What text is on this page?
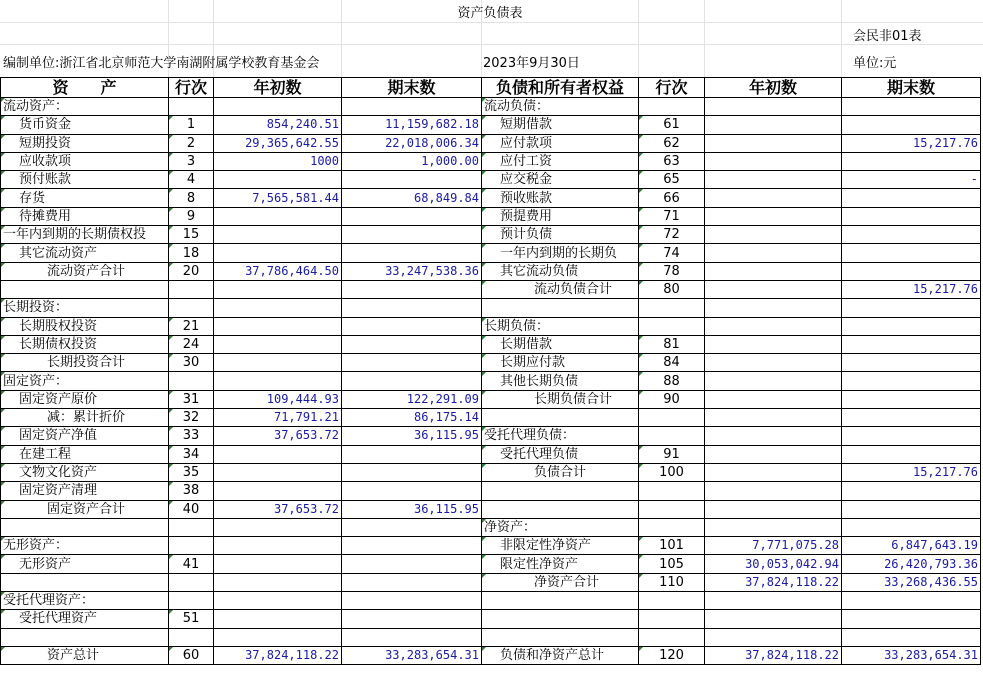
资产负债表
会民非01表
编制单位:浙江省北京师范大学南湖附属学校教育基金会	2023年9月30日	单位:元
资　　产	行次	年初数	期末数	负债和所有者权益	行次	年初数	期末数
流动资产：				流动负债：			
货币资金	1	854,240.51	11,159,682.18	短期借款	61		
短期投资	2	29,365,642.55	22,018,006.34	应付款项	62		15,217.76
应收款项	3	1000	1,000.00	应付工资	63		
预付账款	4			应交税金	65		-
存货	8	7,565,581.44	68,849.84	预收账款	66		
待摊费用	9			预提费用	71		
一年内到期的长期债权投	15			预计负债	72		
其它流动资产	18			一年内到期的长期负	74		
流动资产合计	20	37,786,464.50	33,247,538.36	其它流动负债	78		
				流动负债合计	80		15,217.76
长期投资：							
长期股权投资	21			长期负债：			
长期债权投资	24			长期借款	81		
长期投资合计	30			长期应付款	84		
固定资产：				其他长期负债	88		
固定资产原价	31	109,444.93	122,291.09	长期负债合计	90		
减：累计折价	32	71,791.21	86,175.14				
固定资产净值	33	37,653.72	36,115.95	受托代理负债：			
在建工程	34			受托代理负债	91		
文物文化资产	35			负债合计	100		15,217.76
固定资产清理	38						
固定资产合计	40	37,653.72	36,115.95				
				净资产：			
无形资产：				非限定性净资产	101	7,771,075.28	6,847,643.19
无形资产	41			限定性净资产	105	30,053,042.94	26,420,793.36
				净资产合计	110	37,824,118.22	33,268,436.55
受托代理资产：							
受托代理资产	51						

资产总计	60	37,824,118.22	33,283,654.31	负债和净资产总计	120	37,824,118.22	33,283,654.31
